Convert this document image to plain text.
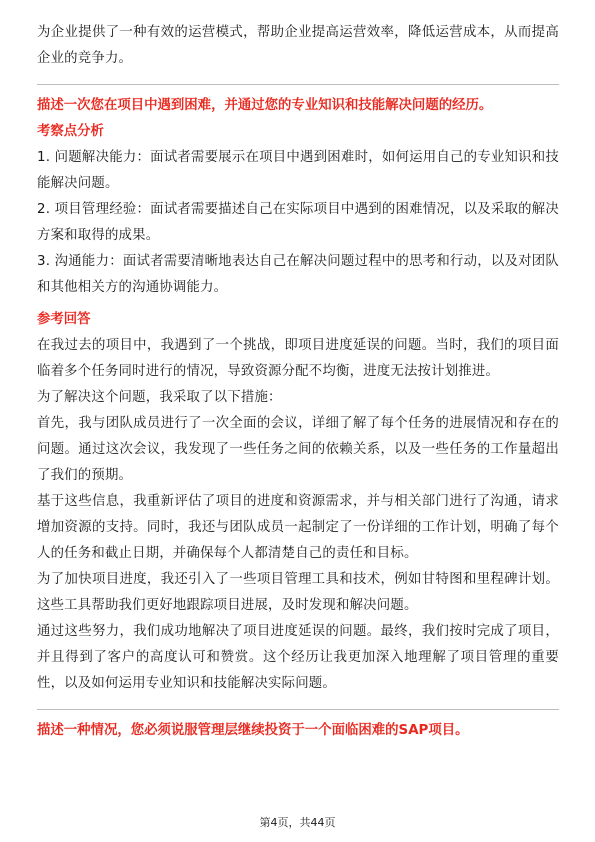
为企业提供了一种有效的运营模式，帮助企业提高运营效率，降低运营成本，从而提高企业的竞争力。

描述一次您在项目中遇到困难，并通过您的专业知识和技能解决问题的经历。

考察点分析

1. 问题解决能力：面试者需要展示在项目中遇到困难时，如何运用自己的专业知识和技能解决问题。

2. 项目管理经验：面试者需要描述自己在实际项目中遇到的困难情况，以及采取的解决方案和取得的成果。

3. 沟通能力：面试者需要清晰地表达自己在解决问题过程中的思考和行动，以及对团队和其他相关方的沟通协调能力。

参考回答

在我过去的项目中，我遇到了一个挑战，即项目进度延误的问题。当时，我们的项目面临着多个任务同时进行的情况，导致资源分配不均衡，进度无法按计划推进。

为了解决这个问题，我采取了以下措施：

首先，我与团队成员进行了一次全面的会议，详细了解了每个任务的进展情况和存在的问题。通过这次会议，我发现了一些任务之间的依赖关系，以及一些任务的工作量超出了我们的预期。

基于这些信息，我重新评估了项目的进度和资源需求，并与相关部门进行了沟通，请求增加资源的支持。同时，我还与团队成员一起制定了一份详细的工作计划，明确了每个人的任务和截止日期，并确保每个人都清楚自己的责任和目标。

为了加快项目进度，我还引入了一些项目管理工具和技术，例如甘特图和里程碑计划。这些工具帮助我们更好地跟踪项目进展，及时发现和解决问题。

通过这些努力，我们成功地解决了项目进度延误的问题。最终，我们按时完成了项目，并且得到了客户的高度认可和赞赏。这个经历让我更加深入地理解了项目管理的重要性，以及如何运用专业知识和技能解决实际问题。

描述一种情况，您必须说服管理层继续投资于一个面临困难的SAP项目。

第4页，共44页
